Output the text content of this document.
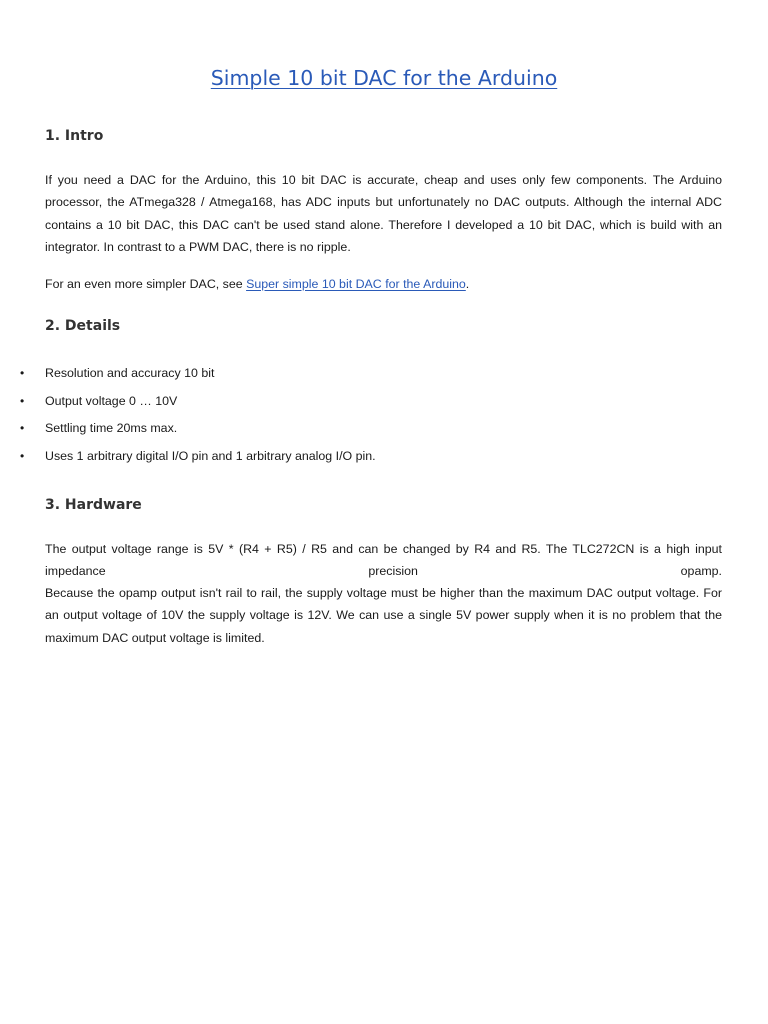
Simple 10 bit DAC for the Arduino
1. Intro

If you need a DAC for the Arduino, this 10 bit DAC is accurate, cheap and uses only few components. The Arduino processor, the ATmega328 / Atmega168, has ADC inputs but unfortunately no DAC outputs. Although the internal ADC contains a 10 bit DAC, this DAC can't be used stand alone. Therefore I developed a 10 bit DAC, which is build with an integrator. In contrast to a PWM DAC, there is no ripple.

For an even more simpler DAC, see Super simple 10 bit DAC for the Arduino.

2. Details
• Resolution and accuracy 10 bit
• Output voltage 0 … 10V
• Settling time 20ms max.
• Uses 1 arbitrary digital I/O pin and 1 arbitrary analog I/O pin.
3. Hardware

The output voltage range is 5V * (R4 + R5) / R5 and can be changed by R4 and R5. The TLC272CN is a high input impedance precision opamp.

Because the opamp output isn't rail to rail, the supply voltage must be higher than the maximum DAC output voltage. For an output voltage of 10V the supply voltage is 12V. We can use a single 5V power supply when it is no problem that the maximum DAC output voltage is limited.
